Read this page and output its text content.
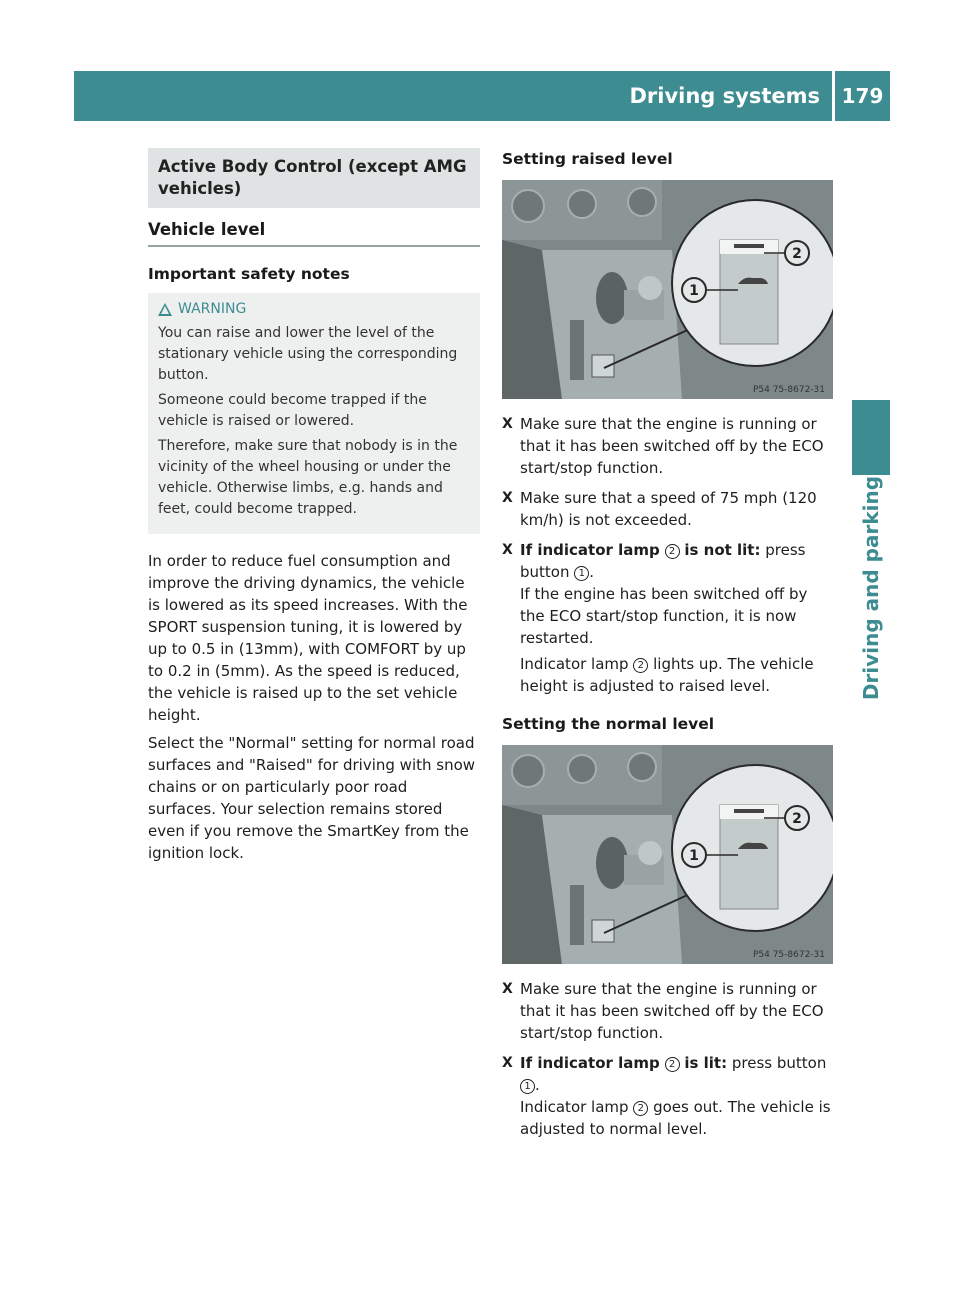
Driving systems	179
Driving and parking
Active Body Control (except AMG vehicles)
Vehicle level
Important safety notes
WARNING

You can raise and lower the level of the stationary vehicle using the corresponding button.

Someone could become trapped if the vehicle is raised or lowered.

Therefore, make sure that nobody is in the vicinity of the wheel housing or under the vehicle. Otherwise limbs, e.g. hands and feet, could become trapped.

In order to reduce fuel consumption and improve the driving dynamics, the vehicle is lowered as its speed increases. With the SPORT suspension tuning, it is lowered by up to 0.5 in (13mm), with COMFORT by up to 0.2 in (5mm). As the speed is reduced, the vehicle is raised up to the set vehicle height.

Select the "Normal" setting for normal road surfaces and "Raised" for driving with snow chains or on particularly poor road surfaces. Your selection remains stored even if you remove the SmartKey from the ignition lock.

Setting raised level
2
1
P54 75-8672-31
X Make sure that the engine is running or that it has been switched off by the ECO start/stop function.
X Make sure that a speed of 75 mph (120 km/h) is not exceeded.
X If indicator lamp 2 is not lit: press button 1 .
If the engine has been switched off by the ECO start/stop function, it is now restarted.
Indicator lamp 2 lights up. The vehicle height is adjusted to raised level.
Setting the normal level
2
1
P54 75-8672-31
X Make sure that the engine is running or that it has been switched off by the ECO start/stop function.
X If indicator lamp 2 is lit: press button 1 .
Indicator lamp 2 goes out. The vehicle is adjusted to normal level.
